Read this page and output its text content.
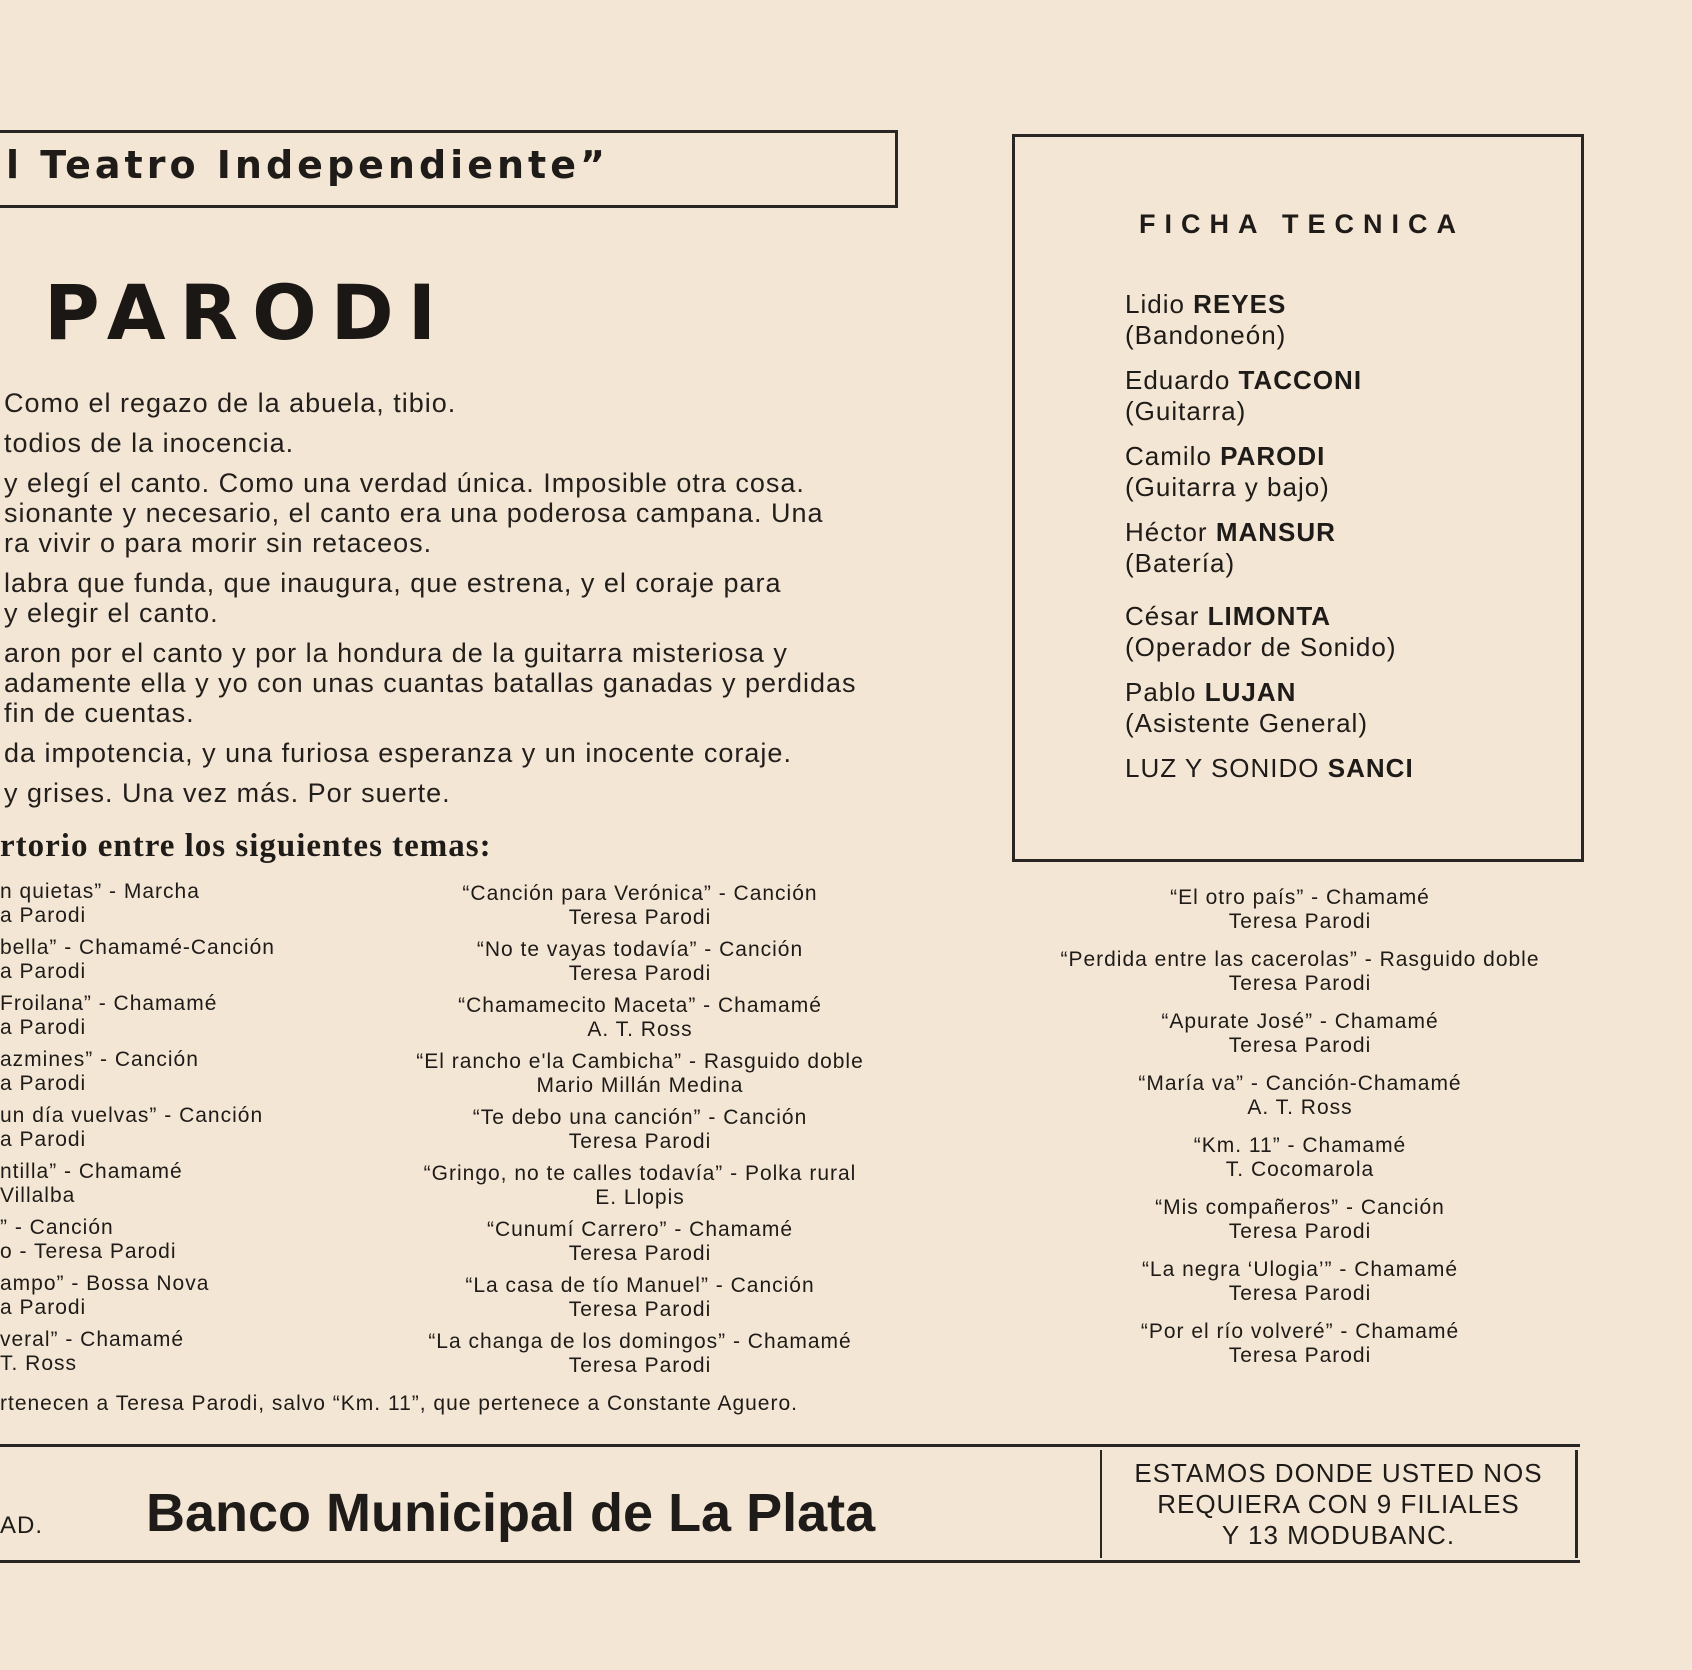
l Teatro Independiente”
PARODI

Como el regazo de la abuela, tibio.

todios de la inocencia.

y elegí el canto. Como una verdad única. Imposible otra cosa.

sionante y necesario, el canto era una poderosa campana. Una

ra vivir o para morir sin retaceos.

labra que funda, que inaugura, que estrena, y el coraje para

y elegir el canto.

aron por el canto y por la hondura de la guitarra misteriosa y

adamente ella y yo con unas cuantas batallas ganadas y perdidas

fin de cuentas.

da impotencia, y una furiosa esperanza y un inocente coraje.

y grises. Una vez más. Por suerte.

rtorio entre los siguientes temas:
n quietas” - Marcha
a Parodi
bella” - Chamamé-Canción
a Parodi
Froilana” - Chamamé
a Parodi
azmines” - Canción
a Parodi
un día vuelvas” - Canción
a Parodi
ntilla” - Chamamé
Villalba
” - Canción
o - Teresa Parodi
ampo” - Bossa Nova
a Parodi
veral” - Chamamé
T. Ross
“Canción para Verónica” - Canción
Teresa Parodi
“No te vayas todavía” - Canción
Teresa Parodi
“Chamamecito Maceta” - Chamamé
A. T. Ross
“El rancho e'la Cambicha” - Rasguido doble
Mario Millán Medina
“Te debo una canción” - Canción
Teresa Parodi
“Gringo, no te calles todavía” - Polka rural
E. Llopis
“Cunumí Carrero” - Chamamé
Teresa Parodi
“La casa de tío Manuel” - Canción
Teresa Parodi
“La changa de los domingos” - Chamamé
Teresa Parodi
“El otro país” - Chamamé
Teresa Parodi
“Perdida entre las cacerolas” - Rasguido doble
Teresa Parodi
“Apurate José” - Chamamé
Teresa Parodi
“María va” - Canción-Chamamé
A. T. Ross
“Km. 11” - Chamamé
T. Cocomarola
“Mis compañeros” - Canción
Teresa Parodi
“La negra ‘Ulogia’” - Chamamé
Teresa Parodi
“Por el río volveré” - Chamamé
Teresa Parodi
rtenecen a Teresa Parodi, salvo “Km. 11”, que pertenece a Constante Aguero.
FICHA TECNICA
Lidio REYES
(Bandoneón)
Eduardo TACCONI
(Guitarra)
Camilo PARODI
(Guitarra y bajo)
Héctor MANSUR
(Batería)
César LIMONTA
(Operador de Sonido)
Pablo LUJAN
(Asistente General)
LUZ Y SONIDO SANCI
AD. Banco Municipal de La Plata
ESTAMOS DONDE USTED NOS
REQUIERA CON 9 FILIALES
Y 13 MODUBANC.
